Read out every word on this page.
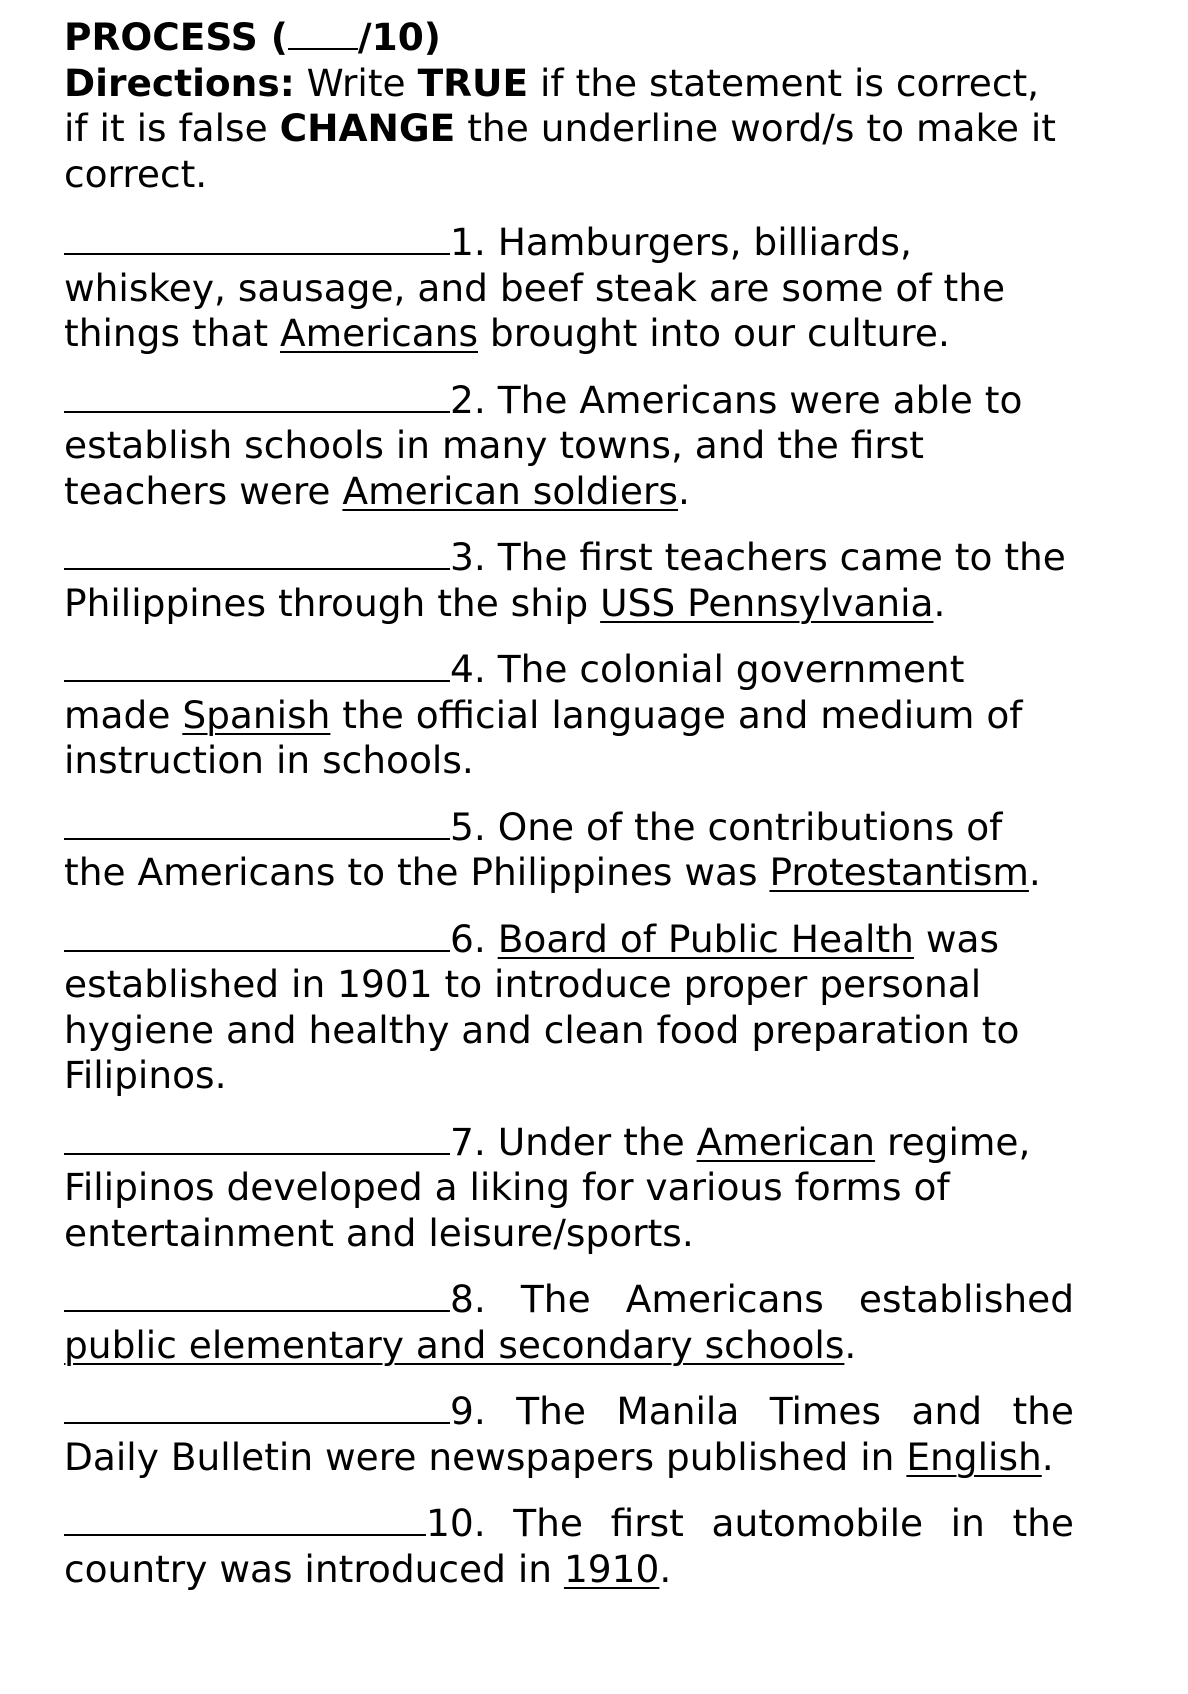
PROCESS ( /10)

Directions: Write TRUE if the statement is correct, if it is false CHANGE the underline word/s to make it correct.

1. Hamburgers, billiards, whiskey, sausage, and beef steak are some of the things that Americans brought into our culture.

2. The Americans were able to establish schools in many towns, and the first teachers were American soldiers.

3. The first teachers came to the Philippines through the ship USS Pennsylvania.

4. The colonial government made Spanish the official language and medium of instruction in schools.

5. One of the contributions of the Americans to the Philippines was Protestantism.

6. Board of Public Health was established in 1901 to introduce proper personal hygiene and healthy and clean food preparation to Filipinos.

7. Under the American regime, Filipinos developed a liking for various forms of entertainment and leisure/sports.

8. The Americans established public elementary and secondary schools.

9. The Manila Times and the Daily Bulletin were newspapers published in English.

10. The first automobile in the country was introduced in 1910.
